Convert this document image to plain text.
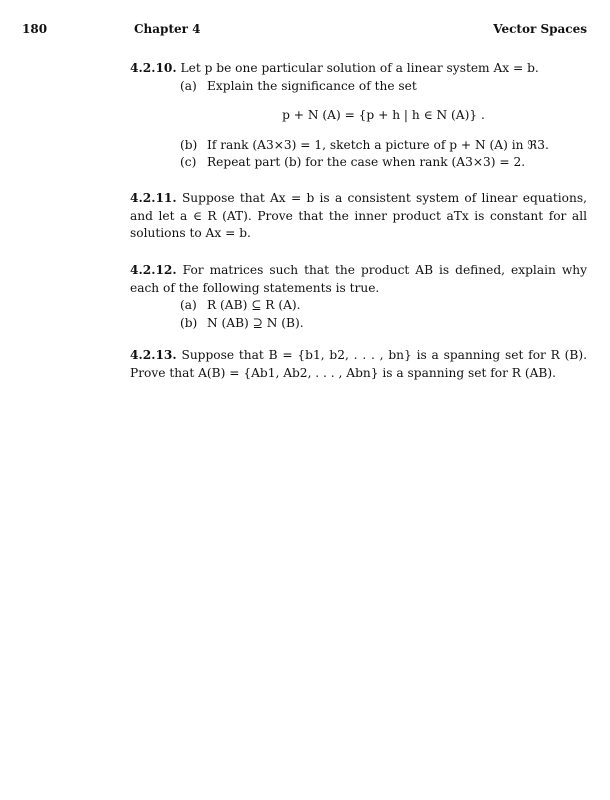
180	Chapter 4	Vector Spaces
4.2.10. Let p be one particular solution of a linear system Ax = b.
(a) Explain the significance of the set
p + N (A) = {p + h | h ∈ N (A)} .
(b) If rank (A3×3) = 1, sketch a picture of p + N (A) in ℜ3.
(c) Repeat part (b) for the case when rank (A3×3) = 2.
4.2.11. Suppose that Ax = b is a consistent system of linear equations, and let a ∈ R (AT). Prove that the inner product aTx is constant for all solutions to Ax = b.
4.2.12. For matrices such that the product AB is defined, explain why each of the following statements is true.
(a) R (AB) ⊆ R (A).
(b) N (AB) ⊇ N (B).
4.2.13. Suppose that B = {b1, b2, . . . , bn} is a spanning set for R (B). Prove that A(B) = {Ab1, Ab2, . . . , Abn} is a spanning set for R (AB).
